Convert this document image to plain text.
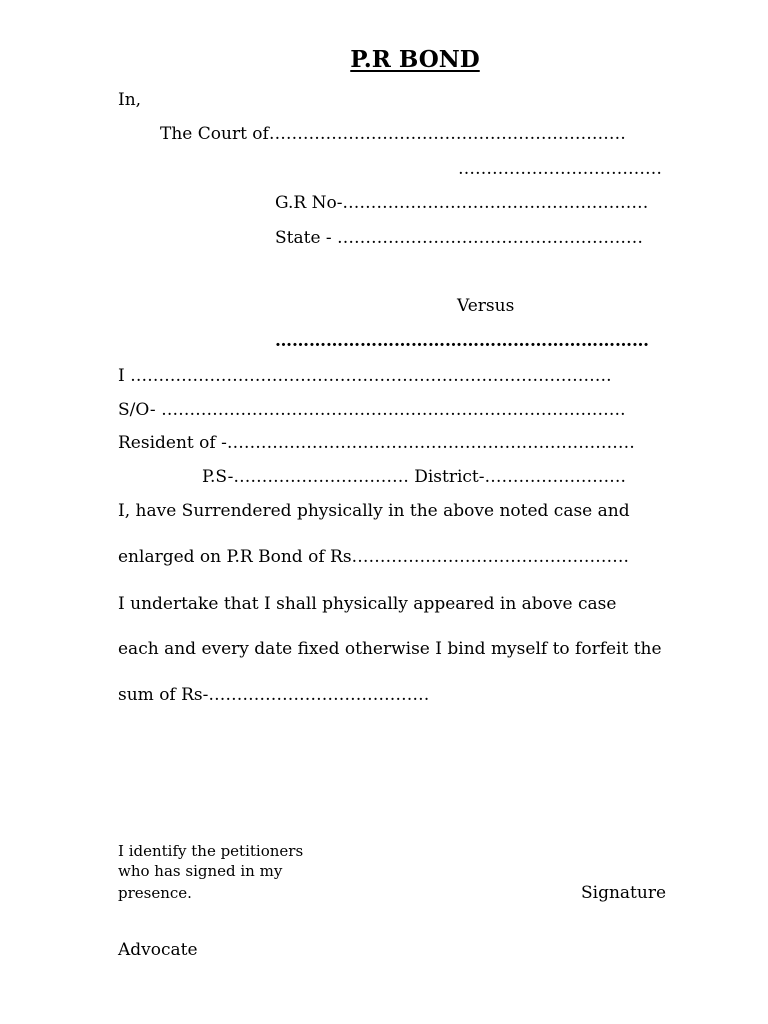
P.R BOND
In,
The Court of………………………………………………………
………………………………
G.R No-………………………………………………
State - ………………………………………………
Versus
…………………………………………………………
I ………………………………………………………………………….
S/O- ……………………………………………………………………….
Resident of -………………………………………………………………
P.S-…………………………. District-…………………….
I, have Surrendered physically in the above noted case and
enlarged on P.R Bond of Rs………………………………………….
I undertake that I shall physically appeared in above case
each and every date fixed otherwise I bind myself to forfeit the
sum of Rs-…………………………………
I identify the petitioners
who has signed in my
presence.	Signature
Advocate
